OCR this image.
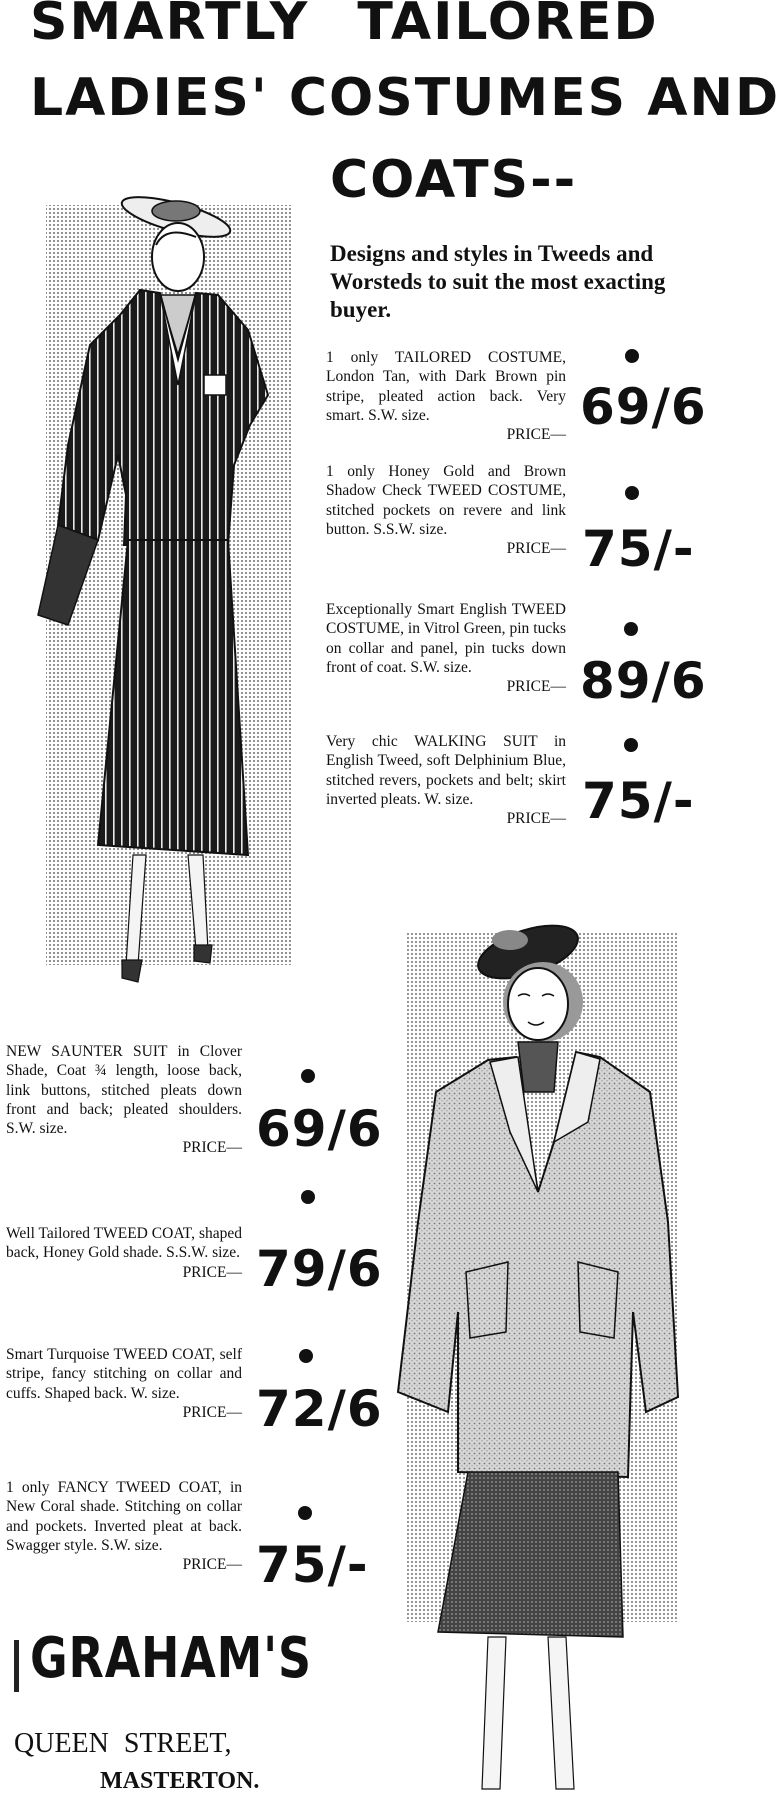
SMARTLY TAILORED
LADIES' COSTUMES AND
COATS--
Designs and styles in Tweeds and Worsteds to suit the most exacting buyer.
1 only TAILORED COSTUME, London Tan, with Dark Brown pin stripe, pleated action back. Very smart. S.W. size.
PRICE— 69/6
1 only Honey Gold and Brown Shadow Check TWEED COSTUME, stitched pockets on revere and link button. S.S.W. size.
PRICE— 75/-
Exceptionally Smart English TWEED COSTUME, in Vitrol Green, pin tucks on collar and panel, pin tucks down front of coat. S.W. size.
PRICE— 89/6
Very chic WALKING SUIT in English Tweed, soft Delphinium Blue, stitched revers, pockets and belt; skirt inverted pleats. W. size.
PRICE— 75/-
NEW SAUNTER SUIT in Clover Shade, Coat ¾ length, loose back, link buttons, stitched pleats down front and back; pleated shoulders. S.W. size.
PRICE— 69/6
Well Tailored TWEED COAT, shaped back, Honey Gold shade. S.S.W. size.
PRICE— 79/6
Smart Turquoise TWEED COAT, self stripe, fancy stitching on collar and cuffs. Shaped back. W. size.
PRICE— 72/6
1 only FANCY TWEED COAT, in New Coral shade. Stitching on collar and pockets. Inverted pleat at back. Swagger style. S.W. size.
PRICE— 75/-
GRAHAM'S
QUEEN STREET,
MASTERTON.
